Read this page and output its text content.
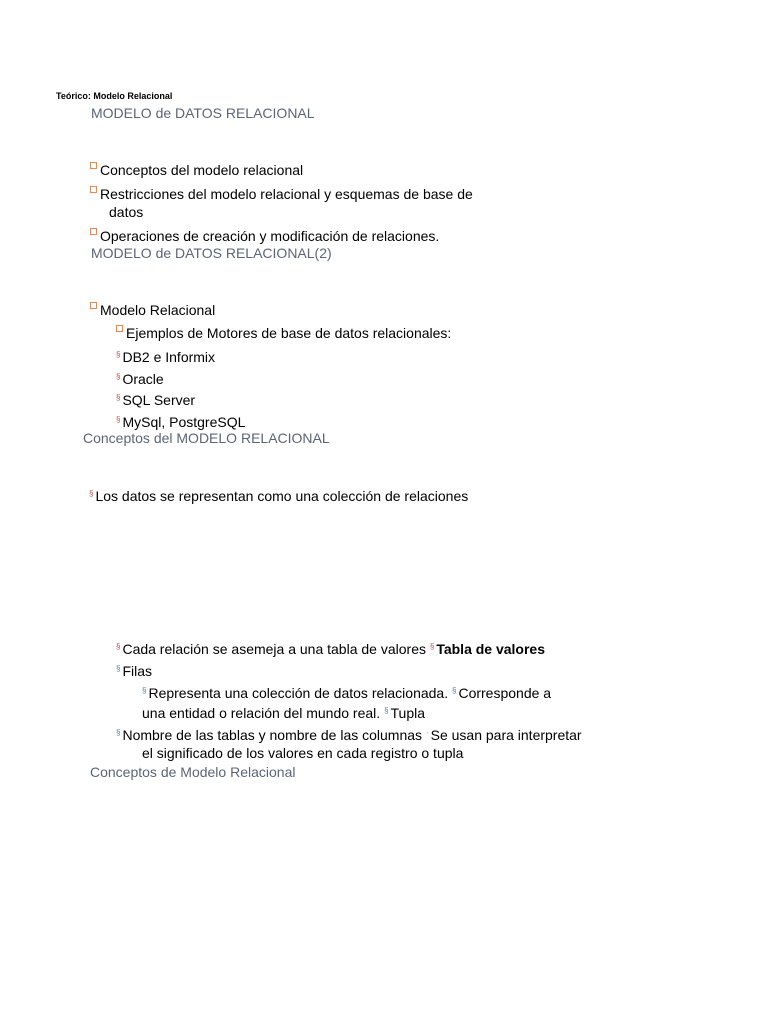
Teórico: Modelo Relacional
MODELO de DATOS RELACIONAL
Conceptos del modelo relacional
Restricciones del modelo relacional y esquemas de base de
datos
Operaciones de creación y modificación de relaciones.
MODELO de DATOS RELACIONAL(2)
Modelo Relacional
Ejemplos de Motores de base de datos relacionales:
§ DB2 e Informix
§ Oracle
§ SQL Server
§ MySql, PostgreSQL
Conceptos del MODELO RELACIONAL
§ Los datos se representan como una colección de relaciones
§ Cada relación se asemeja a una tabla de valores § Tabla de valores
§ Filas
§ Representa una colección de datos relacionada. § Corresponde a
una entidad o relación del mundo real. § Tupla
§ Nombre de las tablas y nombre de las columnas · Se usan para interpretar
el significado de los valores en cada registro o tupla
Conceptos de Modelo Relacional
